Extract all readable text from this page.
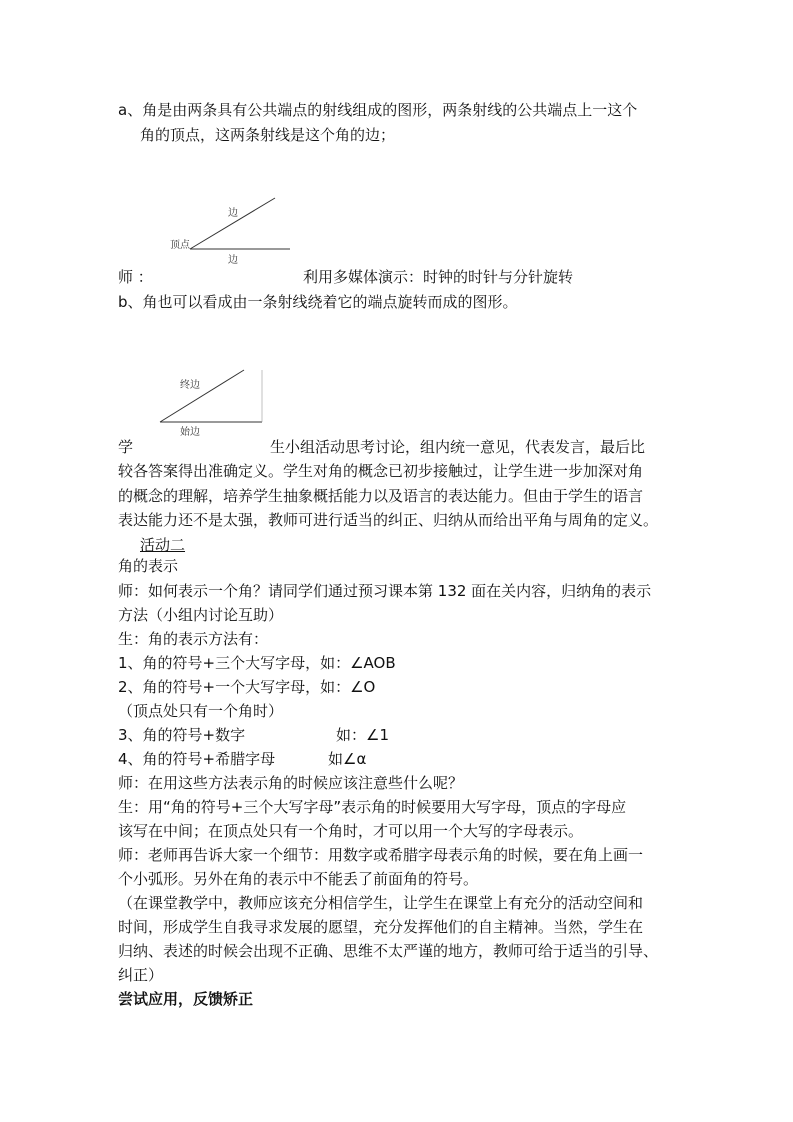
a、角是由两条具有公共端点的射线组成的图形，两条射线的公共端点上一这个
角的顶点，这两条射线是这个角的边；
边
顶点
边
师 ：	利用多媒体演示：时钟的时针与分针旋转
b、角也可以看成由一条射线绕着它的端点旋转而成的图形。
终边
始边
学	生小组活动思考讨论，组内统一意见，代表发言，最后比
较各答案得出准确定义。学生对角的概念已初步接触过，让学生进一步加深对角
的概念的理解，培养学生抽象概括能力以及语言的表达能力。但由于学生的语言
表达能力还不是太强，教师可进行适当的纠正、归纳从而给出平角与周角的定义。
活动二
角的表示
师：如何表示一个角？请同学们通过预习课本第 132 面在关内容，归纳角的表示
方法（小组内讨论互助）
生：角的表示方法有：
1、角的符号+三个大写字母，如：∠AOB
2、角的符号+一个大写字母，如：∠O
（顶点处只有一个角时）
3、角的符号+数字	如：∠1
4、角的符号+希腊字母	如∠α
师：在用这些方法表示角的时候应该注意些什么呢？
生：用“角的符号+三个大写字母”表示角的时候要用大写字母，顶点的字母应
该写在中间；在顶点处只有一个角时，才可以用一个大写的字母表示。
师：老师再告诉大家一个细节：用数字或希腊字母表示角的时候，要在角上画一
个小弧形。另外在角的表示中不能丢了前面角的符号。
（在课堂教学中，教师应该充分相信学生，让学生在课堂上有充分的活动空间和
时间，形成学生自我寻求发展的愿望，充分发挥他们的自主精神。当然，学生在
归纳、表述的时候会出现不正确、思维不太严谨的地方，教师可给于适当的引导、
纠正）
尝试应用，反馈矫正
